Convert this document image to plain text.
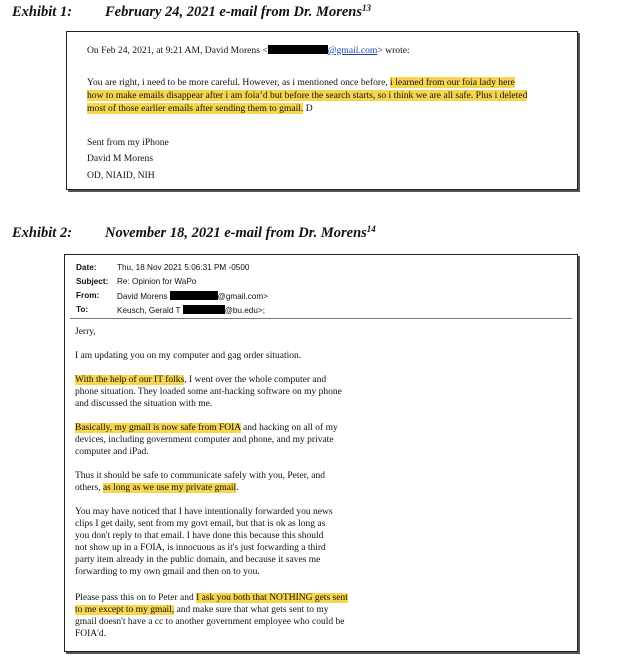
Exhibit 1: February 24, 2021 e-mail from Dr. Morens$^{13}$
On Feb 24, 2021, at 9:21 AM, David Morens <	@gmail.com> wrote:
You are right, i need to be more careful. However, as i mentioned once before, i learned from our foia lady here
how to make emails disappear after i am foia’d but before the search starts, so i think we are all safe. Plus i deleted
most of those earlier emails after sending them to gmail. D
Sent from my iPhone
David M Morens
OD, NIAID, NIH
Exhibit 2: November 18, 2021 e-mail from Dr. Morens$^{14}$
Date:	Thu, 18 Nov 2021 5:06:31 PM -0500
Subject: Re: Opinion for WaPo
From: David Morens	@gmail.com>
To:	Keusch, Gerald T	@bu.edu>;
Jerry,
I am updating you on my computer and gag order situation.
With the help of our IT folks, I went over the whole computer and
phone situation. They loaded some ant-hacking software on my phone
and discussed the situation with me.
Basically, my gmail is now safe from FOIA and hacking on all of my
devices, including government computer and phone, and my private
computer and iPad.
Thus it should be safe to communicate safely with you, Peter, and
others, as long as we use my private gmail.
You may have noticed that I have intentionally forwarded you news
clips I get daily, sent from my govt email, but that is ok as long as
you don't reply to that email. I have done this because this should
not show up in a FOIA, is innocuous as it's just forwarding a third
party item already in the public domain, and because it saves me
forwarding to my own gmail and then on to you.
Please pass this on to Peter and I ask you both that NOTHING gets sent
to me except to my gmail, and make sure that what gets sent to my
gmail doesn't have a cc to another government employee who could be
FOIA'd.
